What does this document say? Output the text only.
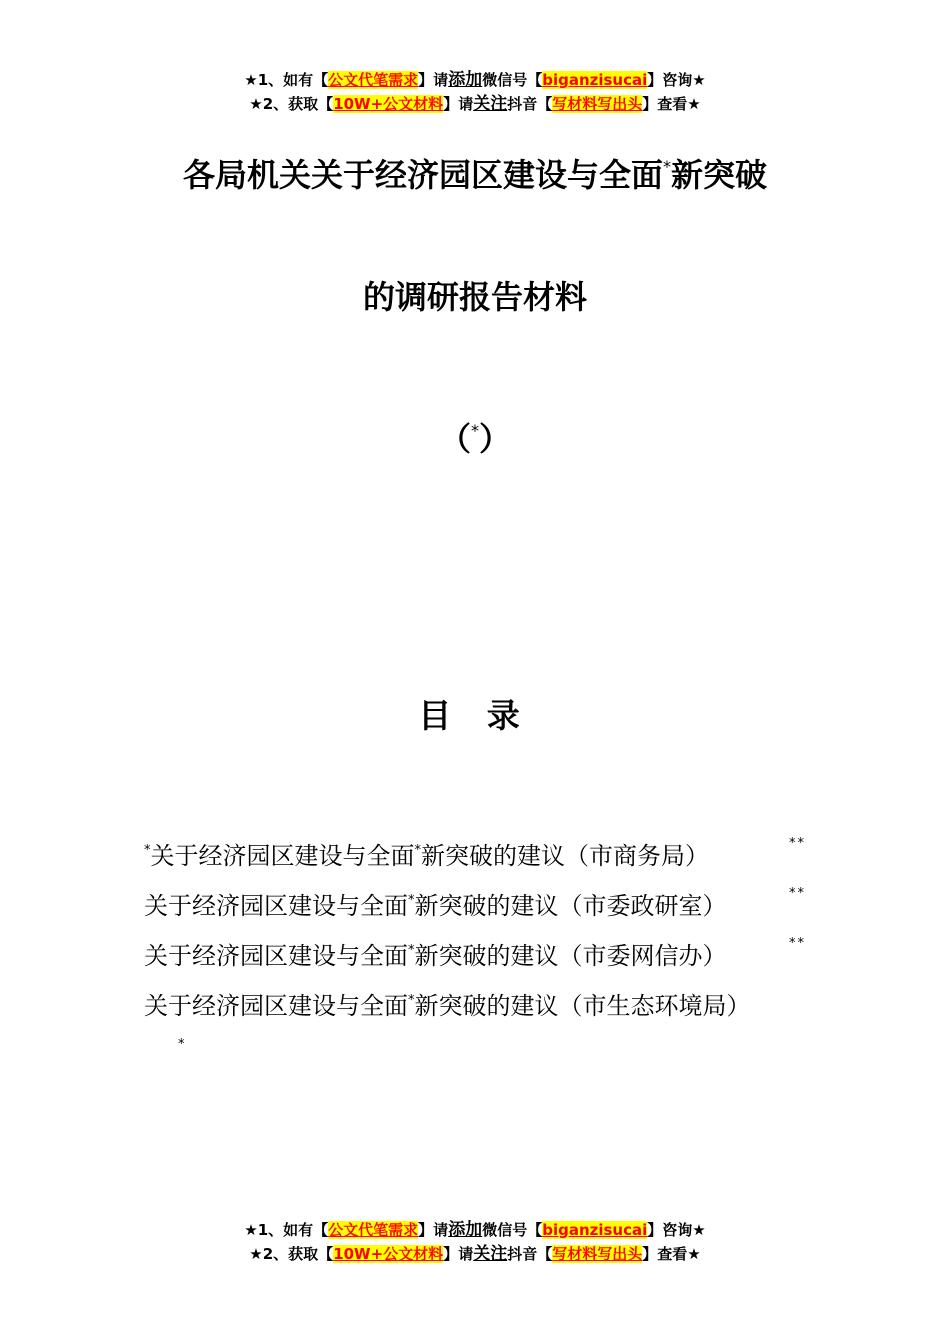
★1、如有【公文代笔需求】请添加微信号【biganzisucai】咨询★
★2、获取【10W+公文材料】请关注抖音【写材料写出头】查看★
各局机关关于经济园区建设与全面*新突破
的调研报告材料
（*）
目 录
*关于经济园区建设与全面*新突破的建议（市商务局）	**
关于经济园区建设与全面*新突破的建议（市委政研室）	**
关于经济园区建设与全面*新突破的建议（市委网信办）	**
关于经济园区建设与全面*新突破的建议（市生态环境局）
*
★1、如有【公文代笔需求】请添加微信号【biganzisucai】咨询★
★2、获取【10W+公文材料】请关注抖音【写材料写出头】查看★
